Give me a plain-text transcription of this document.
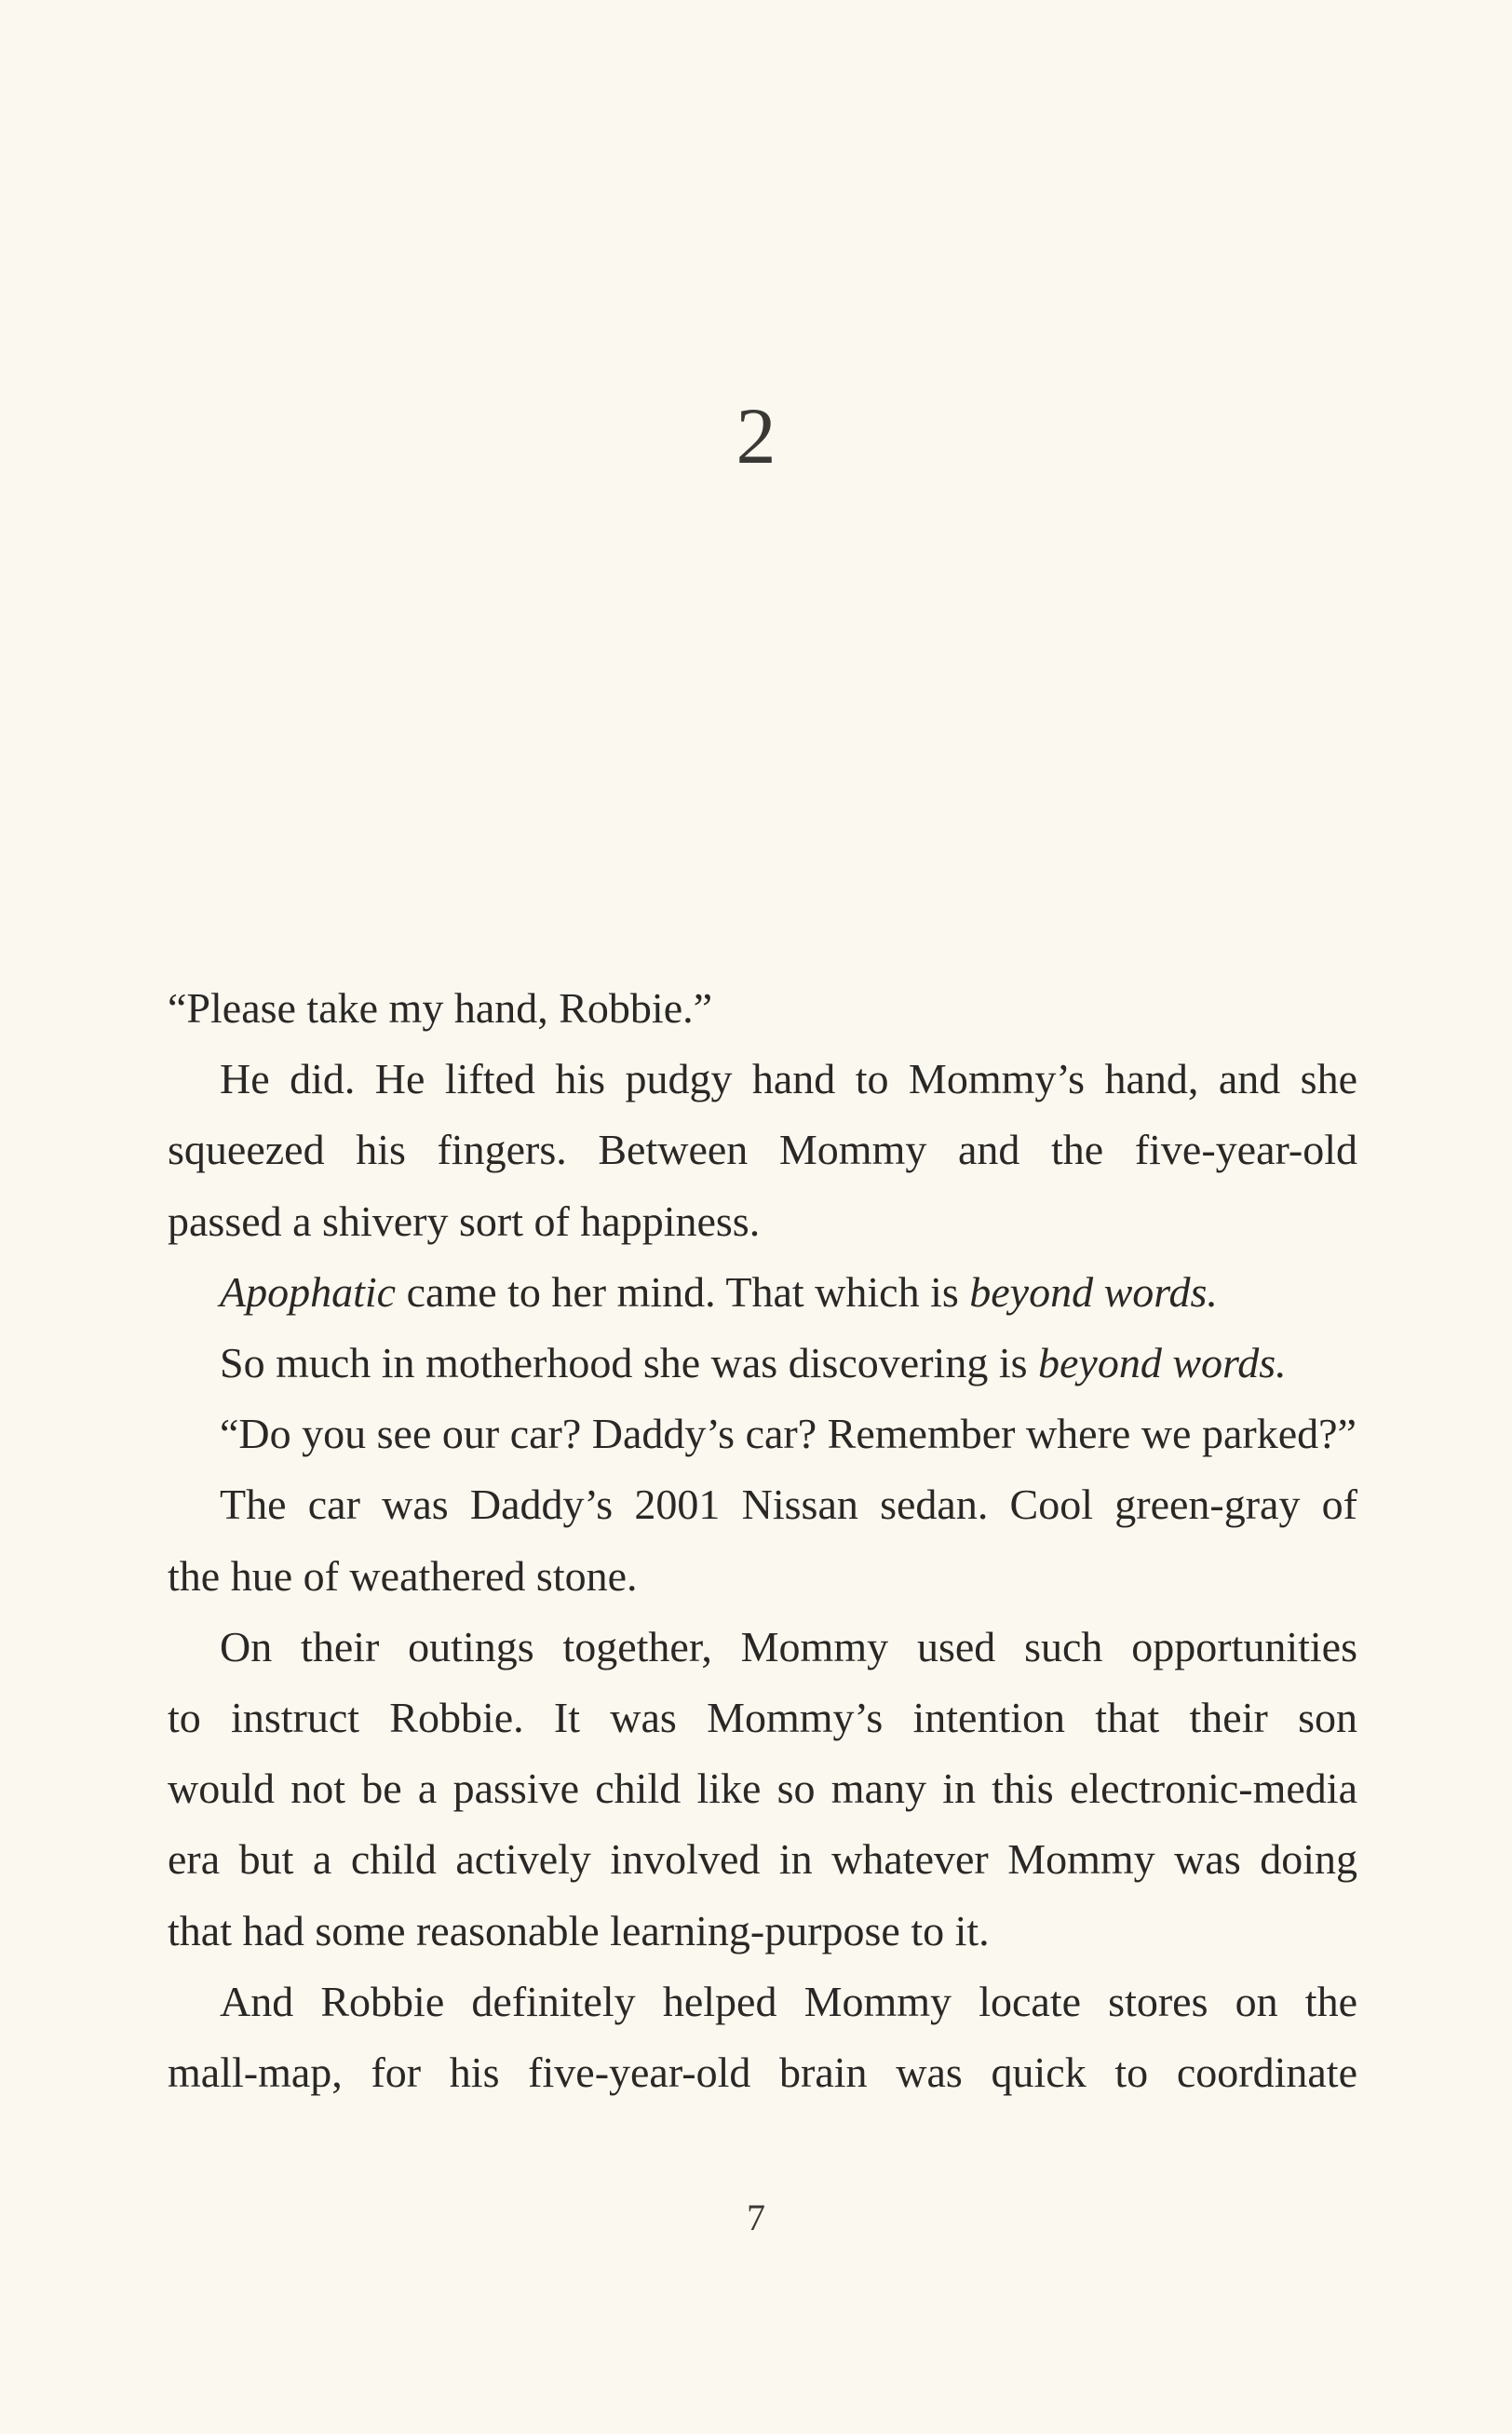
2
“Please take my hand, Robbie.”
He did. He lifted his pudgy hand to Mommy’s hand, and she
squeezed his fingers. Between Mommy and the five-year-old
passed a shivery sort of happiness.
Apophatic came to her mind. That which is beyond words.
So much in motherhood she was discovering is beyond words.
“Do you see our car? Daddy’s car? Remember where we parked?”
The car was Daddy’s 2001 Nissan sedan. Cool green-gray of
the hue of weathered stone.
On their outings together, Mommy used such opportunities
to instruct Robbie. It was Mommy’s intention that their son
would not be a passive child like so many in this electronic-media
era but a child actively involved in whatever Mommy was doing
that had some reasonable learning-purpose to it.
And Robbie definitely helped Mommy locate stores on the
mall-map, for his five-year-old brain was quick to coordinate
7
